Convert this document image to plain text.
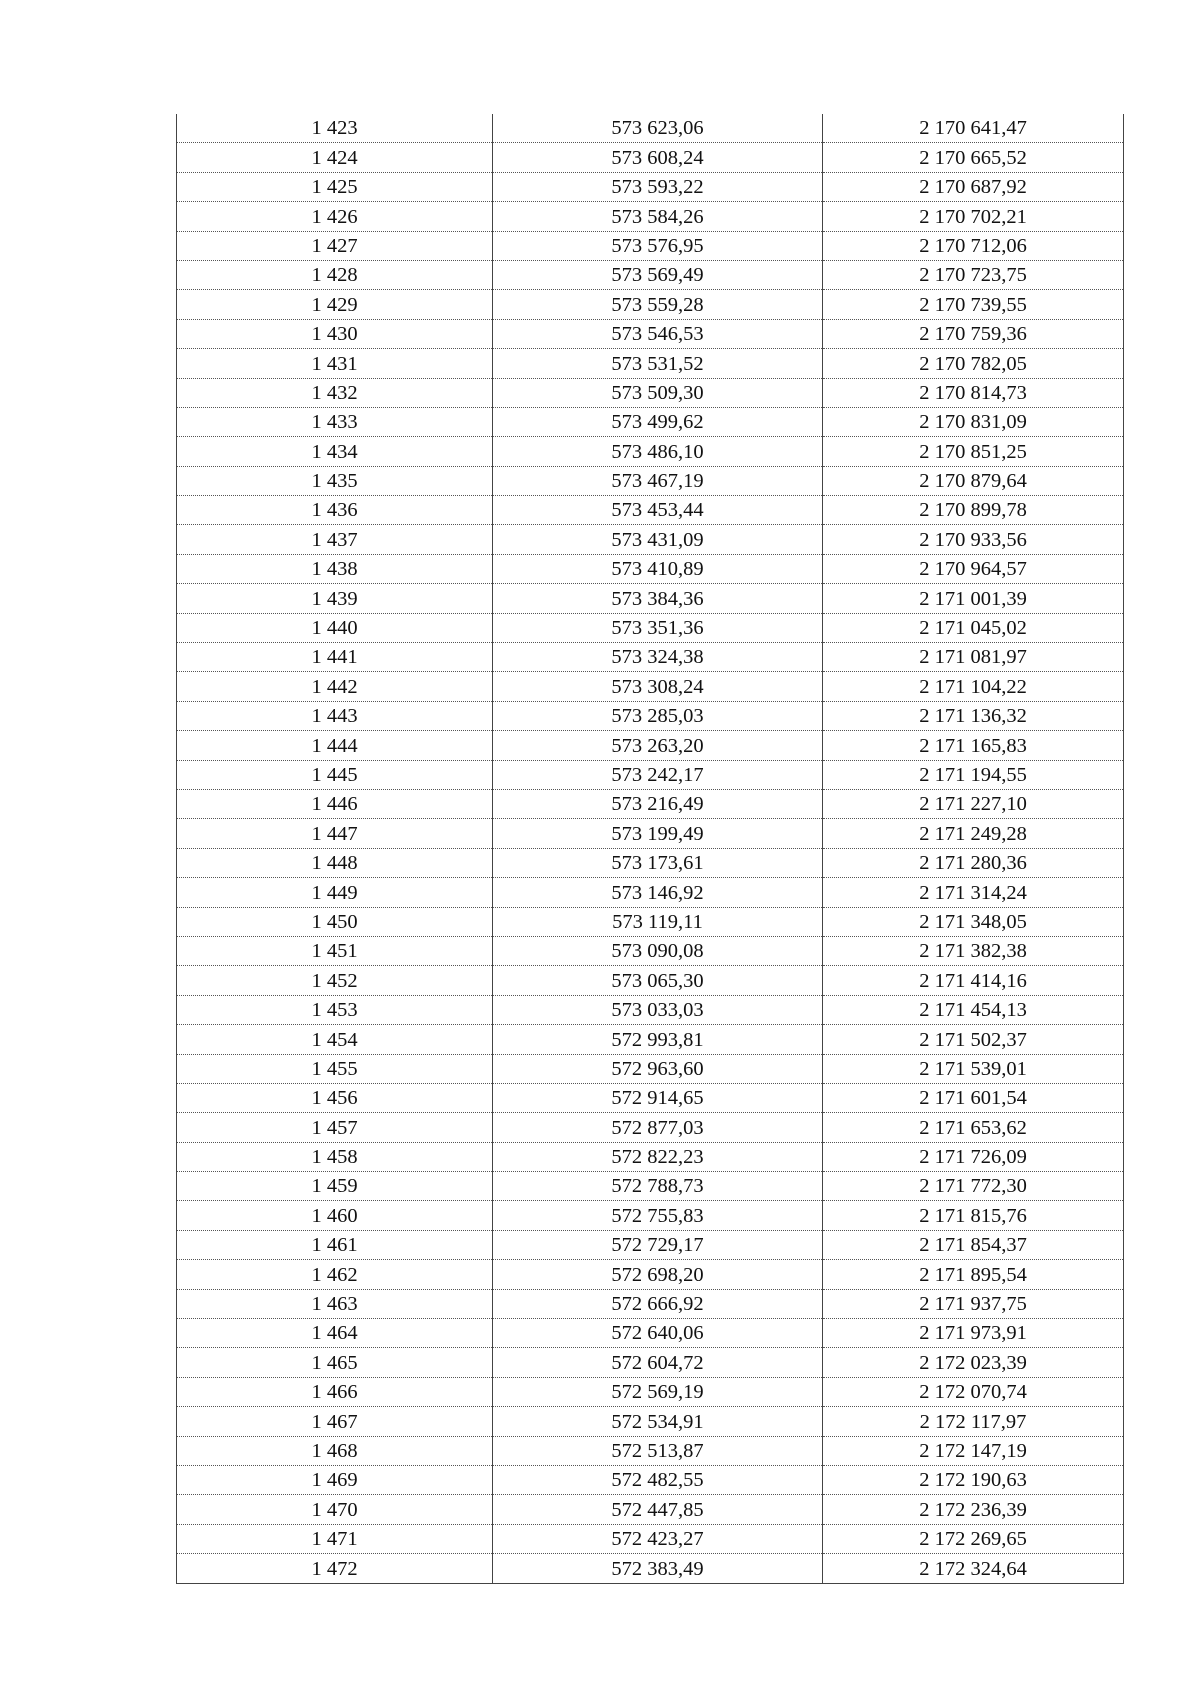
1 423	573 623,06	2 170 641,47
1 424	573 608,24	2 170 665,52
1 425	573 593,22	2 170 687,92
1 426	573 584,26	2 170 702,21
1 427	573 576,95	2 170 712,06
1 428	573 569,49	2 170 723,75
1 429	573 559,28	2 170 739,55
1 430	573 546,53	2 170 759,36
1 431	573 531,52	2 170 782,05
1 432	573 509,30	2 170 814,73
1 433	573 499,62	2 170 831,09
1 434	573 486,10	2 170 851,25
1 435	573 467,19	2 170 879,64
1 436	573 453,44	2 170 899,78
1 437	573 431,09	2 170 933,56
1 438	573 410,89	2 170 964,57
1 439	573 384,36	2 171 001,39
1 440	573 351,36	2 171 045,02
1 441	573 324,38	2 171 081,97
1 442	573 308,24	2 171 104,22
1 443	573 285,03	2 171 136,32
1 444	573 263,20	2 171 165,83
1 445	573 242,17	2 171 194,55
1 446	573 216,49	2 171 227,10
1 447	573 199,49	2 171 249,28
1 448	573 173,61	2 171 280,36
1 449	573 146,92	2 171 314,24
1 450	573 119,11	2 171 348,05
1 451	573 090,08	2 171 382,38
1 452	573 065,30	2 171 414,16
1 453	573 033,03	2 171 454,13
1 454	572 993,81	2 171 502,37
1 455	572 963,60	2 171 539,01
1 456	572 914,65	2 171 601,54
1 457	572 877,03	2 171 653,62
1 458	572 822,23	2 171 726,09
1 459	572 788,73	2 171 772,30
1 460	572 755,83	2 171 815,76
1 461	572 729,17	2 171 854,37
1 462	572 698,20	2 171 895,54
1 463	572 666,92	2 171 937,75
1 464	572 640,06	2 171 973,91
1 465	572 604,72	2 172 023,39
1 466	572 569,19	2 172 070,74
1 467	572 534,91	2 172 117,97
1 468	572 513,87	2 172 147,19
1 469	572 482,55	2 172 190,63
1 470	572 447,85	2 172 236,39
1 471	572 423,27	2 172 269,65
1 472	572 383,49	2 172 324,64
